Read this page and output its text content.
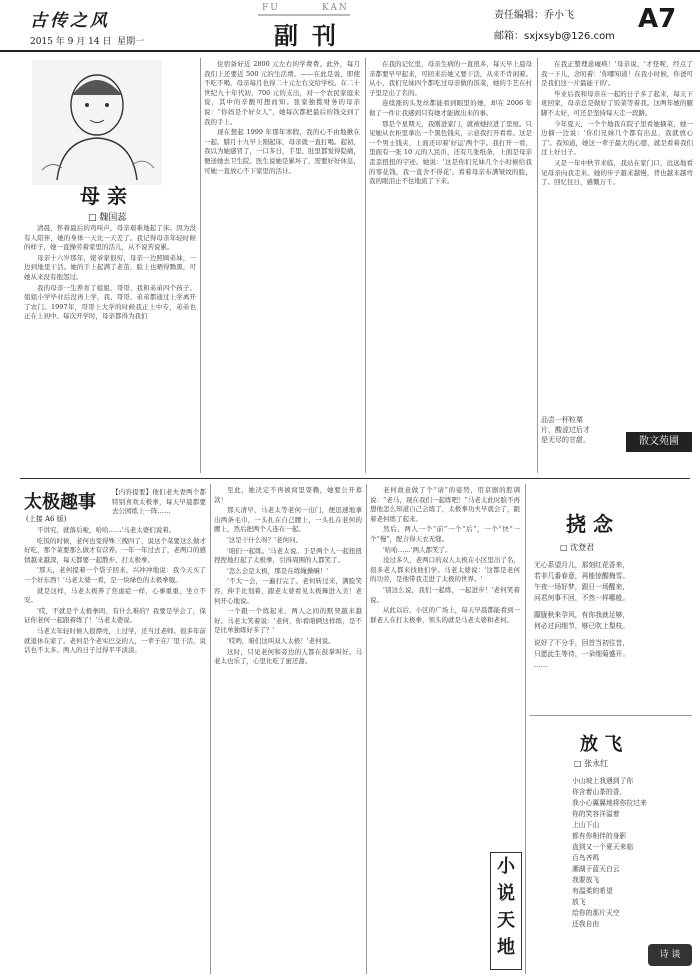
古传之风
2015 年 9 月 14 日 星期一
FU	KAN
副刊
责任编辑：乔小飞
邮箱：sxjxsyb@126.com
A7
母 亲
□ 魏国蕊

清晨，怀着最后的鸡叫声，母亲艰难地起了床。因为没有人陪伴，她的身体一天比一天差了。我记得母亲年轻时候的样子，她一直操劳着家里的活儿，从不说苦说累。

母亲十六岁那年，姥爷家很穷，母亲一边照顾弟妹，一边到地里干活。她的手上起满了老茧，脸上也晒得黝黑，可她从来没有抱怨过。

我的母亲一生养育了姐姐、哥哥、我和弟弟四个孩子。姐姐小学毕业后没再上学，我、哥哥、弟弟都通过上学离开了农门。1997年，哥哥上大学的时候我正上中专，弟弟也正在上初中。每次开学时，母亲都得为我们

住宿备好近 2800 元左右的学费费。此外，每月我们上还要近 500 元的生活费。——在此是说，即使不吃不喝，母亲每月也得二十元左右交给学校。在二十世纪九十年代初，700 元的支出，对一个农民家庭来说，其中的辛酸可想而知。张家独揽财务的母亲说：“你妈是个好女人”，她每次都把最后的钱交到了我的手上。

现在想起 1999 年那年寒假，我的心不由地揪在一起。腊月十九早上刚起床，母亲就一直打喝。起初，我以为她感冒了，一口多日，手里、肚里都觉得隐痛，便送她去卫生院。医生说她是累坏了，需要好好休息，可她一直放心不下家里的活计。

在我的记忆里，母亲生病的一直很多，每天早上晨母亲都要早早起来，可回来后她又要干活，从来不肯闲着。从小，我们兄妹四个都吃过母亲做的饭菜，她的手艺在村子里是出了名的。

连续涨的头发丝都能看到眼里的她，却在 2006 年做了一件让我感到只有她才能做出来的事。

那是个星期天，我刚进家门，就被她拉进了里屋。只见她从衣柜里拿出一个黑色钱夹，示意我打开看看。这是一个男士钱夹，上面还印着'好运'两个字。我打开一看，里面有一张 10 元的人民币，还有几张纸条，上面是母亲歪歪扭扭的字迹。她说：'这是你们兄妹几个小时候给我的零花钱，我一直舍不得花'。看着母亲布满皱纹的脸，我的眼泪止不住地流了下来。

在我正整理患瘫痪！'母亲说，'才怪呢，经点了我一下儿，念叨着：'你哪知道！在我小时候，你爸可是我们这一片最能干的'。

毕业后我和母亲在一起的日子多了起来，每天下班回家，母亲总是做好了饭菜等着我。这两年她的腿脚不太好，可还是坚持每天走一段路。

今年夏天，一个个地我在院子里看她摘菜，她一边摘一边说：'你们兄妹几个都有出息，我就放心了'。我知道，她这一辈子最大的心愿，就是看着我们过上好日子。

又是一年中秋节来临，我站在家门口，远远地看见母亲向我走来。她的步子越来越慢，背也越来越弯了。回忆往日，感慨万千。

品尝一杯粒栗
片，酸涩过后才
是无尽的甘甜。	散文苑圃
太极趣事 【内容提要】他们老夫妻两个都特别喜欢太极拳，每天早晨都要去公园练上一阵……
(上接 A6 版)

不讲究，就落后啦，哈哈……'马老太婆们说着。

吃饭的时候，老何也变得殊三拽四了，说这个菜要这么做才好吃，那个菜要那么做才有营养。一年一年过去了，老两口的感情越来越深，每天都要一起散步、打太极拳。

'那天，老何提着一个袋子回来，兴冲冲地说：我今天买了一个好东西！'马老太婆一看，是一块绿色的太极拳服。

就是这样，马老太极养了焦虑症一样，心事重重，坐立不安。

'哎，不就是个太极拳吗，有什么难的？我要是学会了，保证你老何一起跟着练了！'马老太婆说。

马老太年轻时候人很漂亮，上过学，还当过老师。很多年前就退休在家了。老何是个老实巴交的人，一辈子在厂里干活，说话也不太多。两人的日子过得平平淡淡。

至此，她决定不再被窝里耍赖，她要公开募款！

那天清早，马老太等老何一出门，便迅速地拿出两条毛巾，一头扎在自己腰上，一头扎在老何的腰上，然后把两个人连在一起。

'这是干什么呀？'老何问。

'咱们一起练。'马老太说。于是两个人一起扭扭捏捏地打起了太极拳，引得周围的人都笑了。

'怎么会是太极，那是在练绳操嘛！'

'不大一会，一遍打完了。老何转过来，满脸笑容，伸手比划着，跟老太婆看见太极舞进入美！老何开心地说。

一个跟一个练起来，两人之间的默契越来越好。马老太笑着说：'老何，你看咱俩这样练，是不是比单独练好多了？'

'哎哟，咱们这叫双人太极！'老何说。

这时，只见老何和旁边的人都在鼓掌叫好。马老太也乐了，心里比吃了蜜还甜。

老何故意做了个“请”的姿势，用京剧的腔调说：“老马，现在我们一起练吧！”马老太此时脸不再想他怎么知道自己会练了，太极拳功夫早就会了，跟着老何练了起来。

然后，两人一个“前”一个“后”，一个“快”一个“慢”，配合得天衣无缝。

'哈哈……'两人都笑了。

没过多久，老两口的双人太极在小区里出了名，很多老人都来找他们学。马老太婆说：'这都是老何的功劳，是他带我走进了太极的世界。'

'别这么说，我们一起练，一起进步！'老何笑着说。

从此以后，小区的广场上，每天早晨都能看到一群老人在打太极拳，领头的就是马老太婆和老何。

小
说
天
地
挠 念
□ 沈登君
无心系望月儿，那刻红花香来，
若非几番春意，再能惊醒梅雪。
午夜一场好梦，跟日一场醒来，
问君何事不回，不然一样哪般。
朦胧秋来孕风，有你我就足够，
何必过问细节，够已吹上梨枝。
说好了不分手，回首当初往昔，
只愿此生等待，一朵细菊盛开。
……
放 飞
□ 张永红
小山坡上我遇到了你
你含着山茶的香，
我小心翼翼地将你拉过来
你的笑容洋溢着
上山下山
都有你相伴的身影
直到又一个夏天来临
百鸟齐鸣
潮湖于蓝天白云
我要放飞
有温柔的希望
放飞
给你的那片天空
还我自由
诗 谈
